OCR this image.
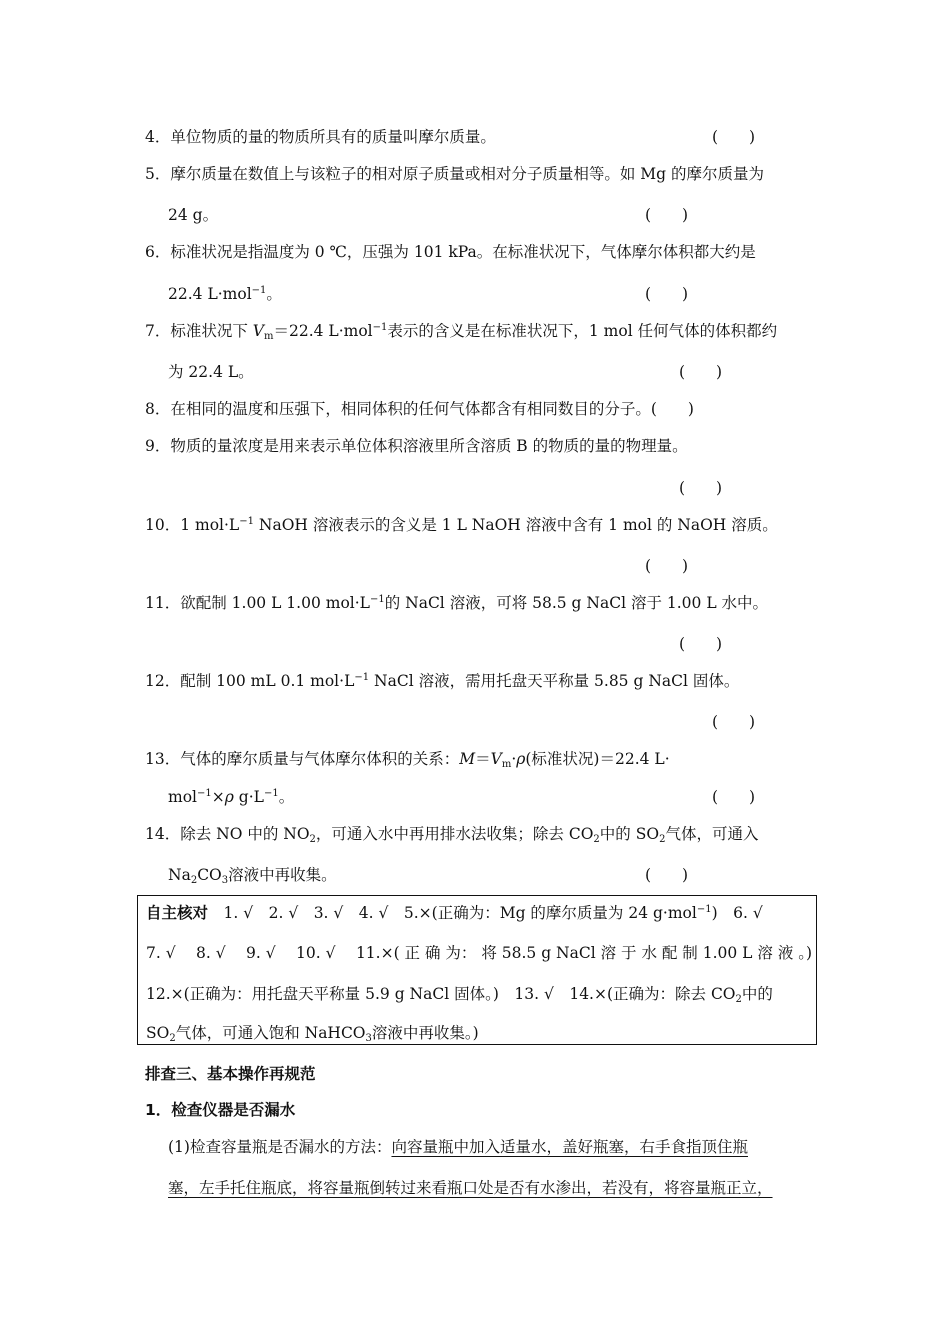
4．单位物质的量的物质所具有的质量叫摩尔质量。	(　　)
5．摩尔质量在数值上与该粒子的相对原子质量或相对分子质量相等。如 Mg 的摩尔质量为
24 g。	(　　)
6．标准状况是指温度为 0 ℃，压强为 101 kPa。在标准状况下，气体摩尔体积都大约是
22.4 L·mol$^{-1}$。	(　　)
7．标准状况下 $V_m=22.4$ L·mol$^{-1}$表示的含义是在标准状况下，1 mol 任何气体的体积都约
为 22.4 L。	(　　)
8．在相同的温度和压强下，相同体积的任何气体都含有相同数目的分子。(　　)
9．物质的量浓度是用来表示单位体积溶液里所含溶质 B 的物质的量的物理量。
(　　)
10．1 $mol\cdot L^{-1}$ NaOH 溶液表示的含义是 1 L NaOH 溶液中含有 1 mol 的 NaOH 溶质。
(　　)
11．欲配制 1.00 L 1.00 $mol\cdot L^{-1}$的 NaCl 溶液，可将 58.5 g NaCl 溶于 1.00 L 水中。
(　　)
12．配制 100 mL 0.1 $mol\cdot L^{-1}$ NaCl 溶液，需用托盘天平称量 5.85 g NaCl 固体。
(　　)
13．气体的摩尔质量与气体摩尔体积的关系：$M=V_m\cdot\rho$(标准状况)＝22.4 L·
mol$^{-1}$×ρ $g\cdot L^{-1}$。	(　　)
14．除去 NO 中的 $NO_2$，可通入水中再用排水法收集；除去 $CO_2$中的 $SO_2$气体，可通入
$Na_2CO_3$溶液中再收集。	(　　)
自主核对　1. √　2. √　3. √　4. √　5.×(正确为：Mg 的摩尔质量为 24 g·mol$^{-1}$)　6. √
7. √　 8. √　 9. √　 10. √　 11.×( 正 确 为： 将 58.5 g NaCl 溶 于 水 配 制 1.00 L 溶 液 。)
12.×(正确为：用托盘天平称量 5.9 g NaCl 固体。)　13. √　14.×(正确为：除去 $CO_2$中的
$SO_2$气体，可通入饱和 NaHCO$_3$溶液中再收集。)
排查三、基本操作再规范
1．检查仪器是否漏水
(1)检查容量瓶是否漏水的方法：向容量瓶中加入适量水，盖好瓶塞，右手食指顶住瓶
塞，左手托住瓶底，将容量瓶倒转过来看瓶口处是否有水渗出，若没有，将容量瓶正立，
